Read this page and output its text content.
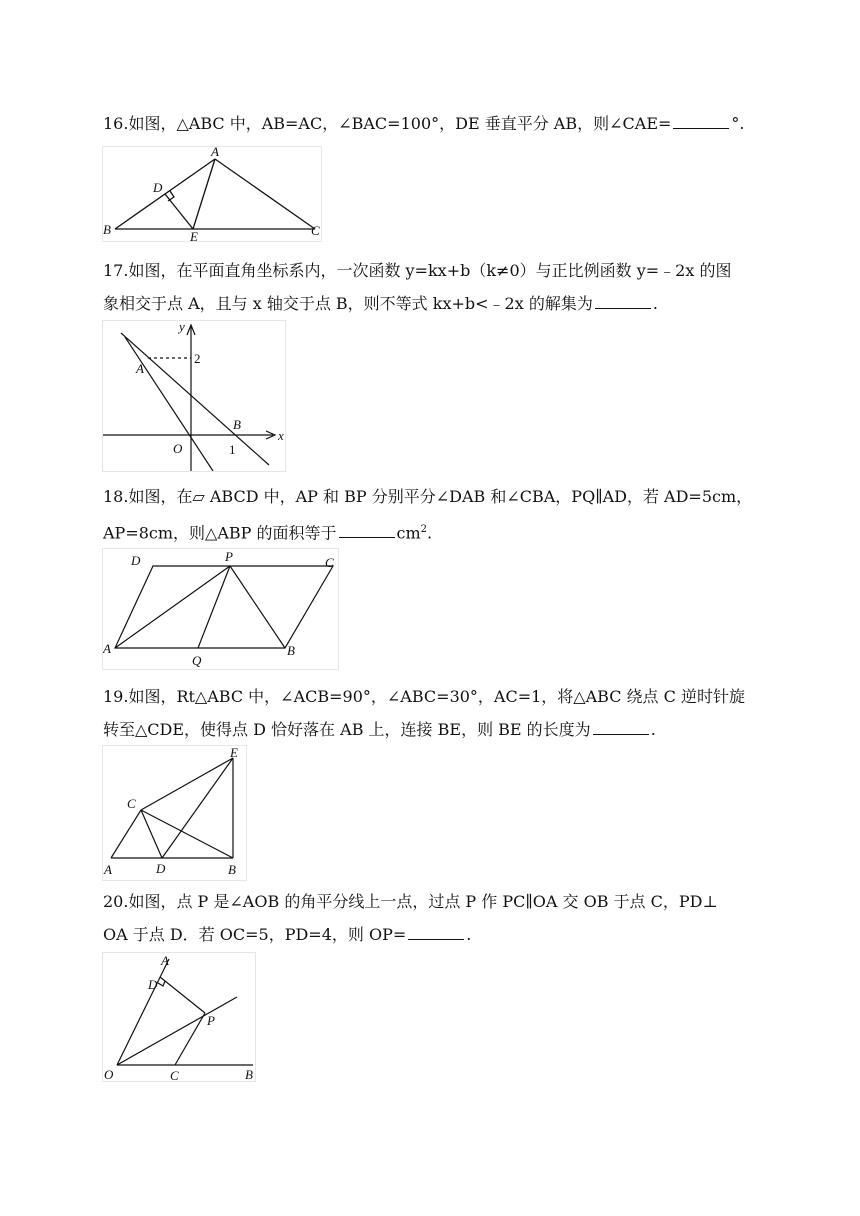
16.如图，△ABC 中，AB=AC，∠BAC=100°，DE 垂直平分 AB，则∠CAE=	°.
A
B	C
D
E
17.如图，在平面直角坐标系内，一次函数 y=kx+b（k≠0）与正比例函数 y=﹣2x 的图
象相交于点 A，且与 x 轴交于点 B，则不等式 kx+b<﹣2x 的解集为	.
y
x
A
B
O
2
1
18.如图，在▱ ABCD 中，AP 和 BP 分别平分∠DAB 和∠CBA，PQ∥AD，若 AD=5cm，
AP=8cm，则△ABP 的面积等于	$cm^2$.
D	P	C
A
Q
B
19.如图，Rt△ABC 中，∠ACB=90°，∠ABC=30°，AC=1，将△ABC 绕点 C 逆时针旋
转至△CDE，使得点 D 恰好落在 AB 上，连接 BE，则 BE 的长度为	.
E
C
A	D	B
20.如图，点 P 是∠AOB 的角平分线上一点，过点 P 作 PC∥OA 交 OB 于点 C，PD⊥
OA 于点 D．若 OC=5，PD=4，则 OP=	.
A
D
P
O	C	B
